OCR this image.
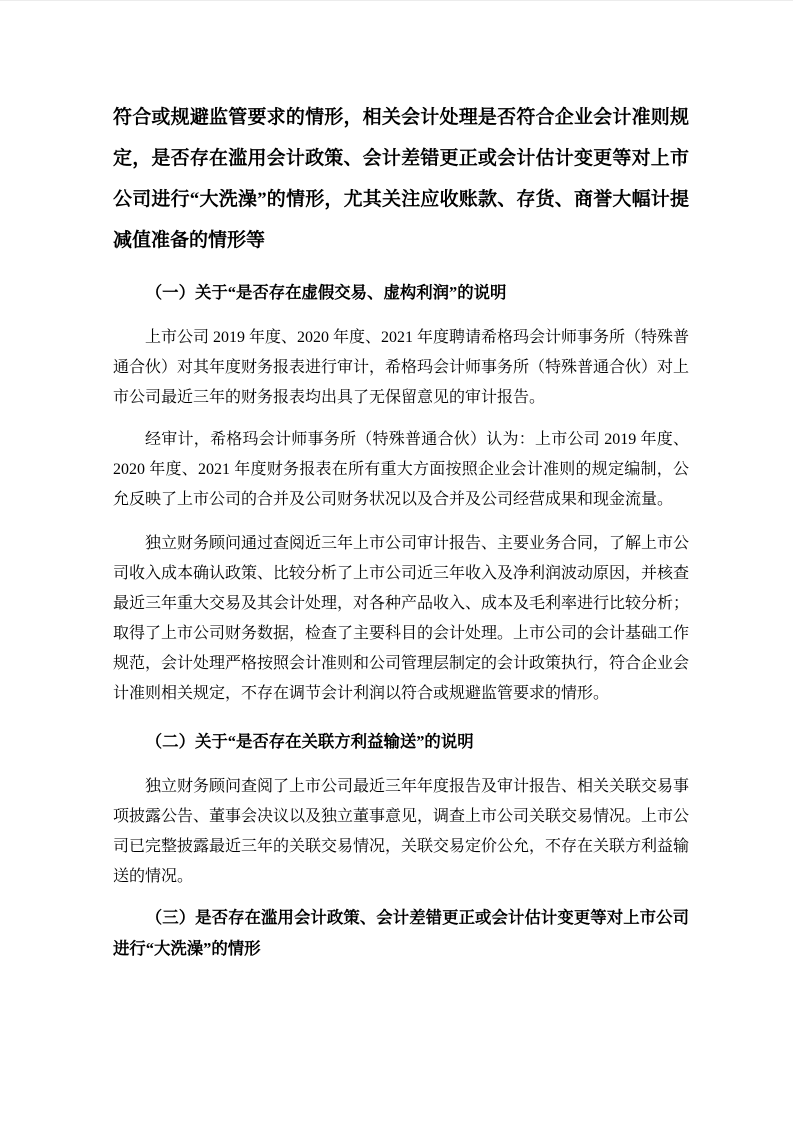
符合或规避监管要求的情形，相关会计处理是否符合企业会计准则规定，是否存在滥用会计政策、会计差错更正或会计估计变更等对上市公司进行“大洗澡”的情形，尤其关注应收账款、存货、商誉大幅计提减值准备的情形等

（一）关于“是否存在虚假交易、虚构利润”的说明

上市公司 2019 年度、2020 年度、2021 年度聘请希格玛会计师事务所（特殊普通合伙）对其年度财务报表进行审计，希格玛会计师事务所（特殊普通合伙）对上市公司最近三年的财务报表均出具了无保留意见的审计报告。

经审计，希格玛会计师事务所（特殊普通合伙）认为：上市公司 2019 年度、2020 年度、2021 年度财务报表在所有重大方面按照企业会计准则的规定编制，公允反映了上市公司的合并及公司财务状况以及合并及公司经营成果和现金流量。

独立财务顾问通过查阅近三年上市公司审计报告、主要业务合同，了解上市公司收入成本确认政策、比较分析了上市公司近三年收入及净利润波动原因，并核查最近三年重大交易及其会计处理，对各种产品收入、成本及毛利率进行比较分析；取得了上市公司财务数据，检查了主要科目的会计处理。上市公司的会计基础工作规范，会计处理严格按照会计准则和公司管理层制定的会计政策执行，符合企业会计准则相关规定，不存在调节会计利润以符合或规避监管要求的情形。

（二）关于“是否存在关联方利益输送”的说明

独立财务顾问查阅了上市公司最近三年年度报告及审计报告、相关关联交易事项披露公告、董事会决议以及独立董事意见，调查上市公司关联交易情况。上市公司已完整披露最近三年的关联交易情况，关联交易定价公允，不存在关联方利益输送的情况。

（三）是否存在滥用会计政策、会计差错更正或会计估计变更等对上市公司进行“大洗澡”的情形
